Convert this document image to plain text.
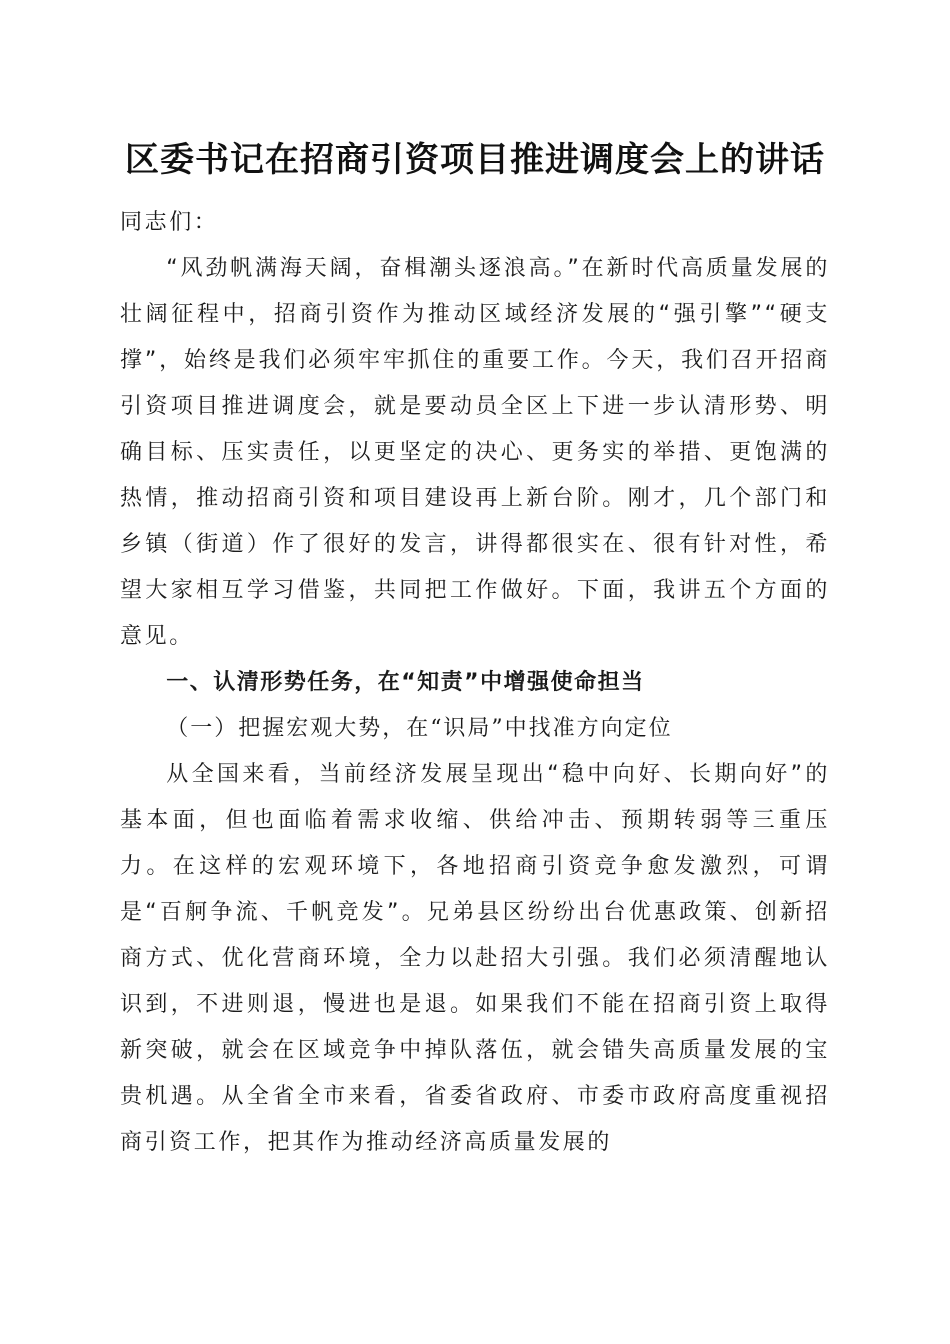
区委书记在招商引资项目推进调度会上的讲话

同志们：

“风劲帆满海天阔，奋楫潮头逐浪高。”在新时代高质量发展的壮阔征程中，招商引资作为推动区域经济发展的“强引擎”“硬支撑”，始终是我们必须牢牢抓住的重要工作。今天，我们召开招商引资项目推进调度会，就是要动员全区上下进一步认清形势、明确目标、压实责任，以更坚定的决心、更务实的举措、更饱满的热情，推动招商引资和项目建设再上新台阶。刚才，几个部门和乡镇（街道）作了很好的发言，讲得都很实在、很有针对性，希望大家相互学习借鉴，共同把工作做好。下面，我讲五个方面的意见。

一、认清形势任务，在“知责”中增强使命担当

（一）把握宏观大势，在“识局”中找准方向定位

从全国来看，当前经济发展呈现出“稳中向好、长期向好”的基本面，但也面临着需求收缩、供给冲击、预期转弱等三重压力。在这样的宏观环境下，各地招商引资竞争愈发激烈，可谓是“百舸争流、千帆竞发”。兄弟县区纷纷出台优惠政策、创新招商方式、优化营商环境，全力以赴招大引强。我们必须清醒地认识到，不进则退，慢进也是退。如果我们不能在招商引资上取得新突破，就会在区域竞争中掉队落伍，就会错失高质量发展的宝贵机遇。从全省全市来看，省委省政府、市委市政府高度重视招商引资工作，把其作为推动经济高质量发展的
